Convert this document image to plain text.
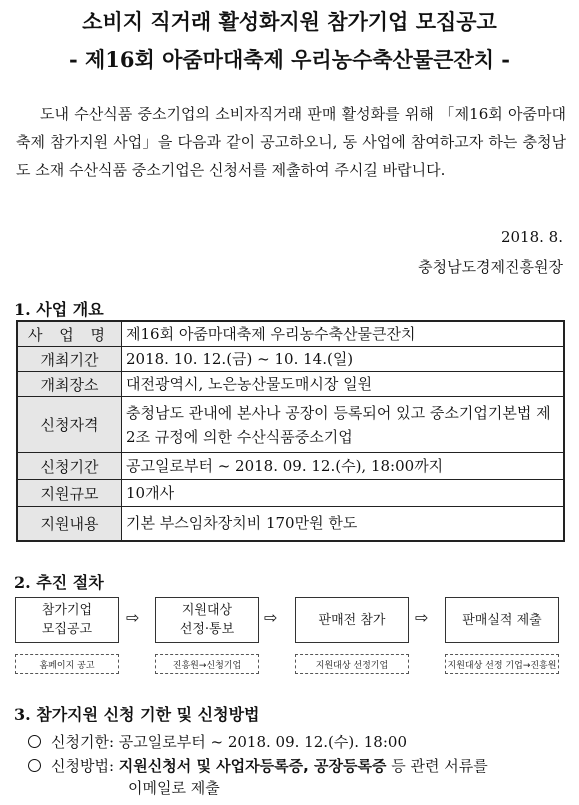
소비지 직거래 활성화지원 참가기업 모집공고
- 제16회 아줌마대축제 우리농수축산물큰잔치 -
도내 수산식품 중소기업의 소비자직거래 판매 활성화를 위해 「제16회 아줌마대축제 참가지원 사업」을 다음과 같이 공고하오니, 동 사업에 참여하고자 하는 충청남도 소재 수산식품 중소기업은 신청서를 제출하여 주시길 바랍니다.
2018. 8.
충청남도경제진흥원장
1. 사업 개요
사 업 명	제16회 아줌마대축제 우리농수축산물큰잔치
개최기간	2018. 10. 12.(금) ~ 10. 14.(일)
개최장소	대전광역시, 노은농산물도매시장 일원
신청자격	충청남도 관내에 본사나 공장이 등록되어 있고 중소기업기본법 제2조 규정에 의한 수산식품중소기업
신청기간	공고일로부터 ~ 2018. 09. 12.(수), 18:00까지
지원규모	10개사
지원내용	기본 부스임차장치비 170만원 한도
2. 추진 절차
참가기업
모집공고
⇨	지원대상
선정·통보
⇨	판매전 참가	⇨	판매실적 제출
홈페이지 공고	진흥원→신청기업	지원대상 선정기업	지원대상 선정 기업→진흥원
3. 참가지원 신청 기한 및 신청방법
신청기한: 공고일로부터 ~ 2018. 09. 12.(수). 18:00
신청방법: 지원신청서 및 사업자등록증, 공장등록증 등 관련 서류를
이메일로 제출
